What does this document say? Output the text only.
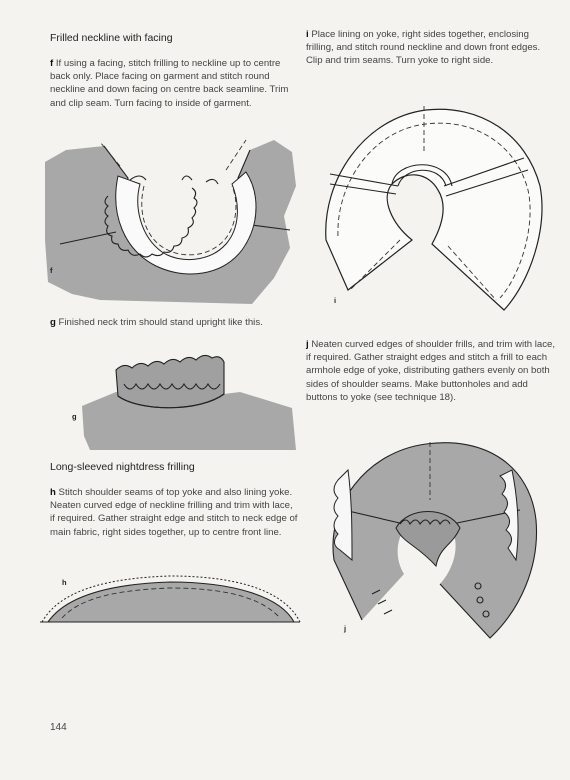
Frilled neckline with facing
f If using a facing, stitch frilling to neckline up to centre back only. Place facing on garment and stitch round neckline and down facing on centre back seamline. Trim and clip seam. Turn facing to inside of garment.
f
g Finished neck trim should stand upright like this.
g
Long-sleeved nightdress frilling
h Stitch shoulder seams of top yoke and also lining yoke. Neaten curved edge of neckline frilling and trim with lace, if required. Gather straight edge and stitch to neck edge of main fabric, right sides together, up to centre front line.
h
i Place lining on yoke, right sides together, enclosing frilling, and stitch round neckline and down front edges. Clip and trim seams. Turn yoke to right side.
i
j Neaten curved edges of shoulder frills, and trim with lace, if required. Gather straight edges and stitch a frill to each armhole edge of yoke, distributing gathers evenly on both sides of shoulder seams. Make buttonholes and add buttons to yoke (see technique 18).
j
144
